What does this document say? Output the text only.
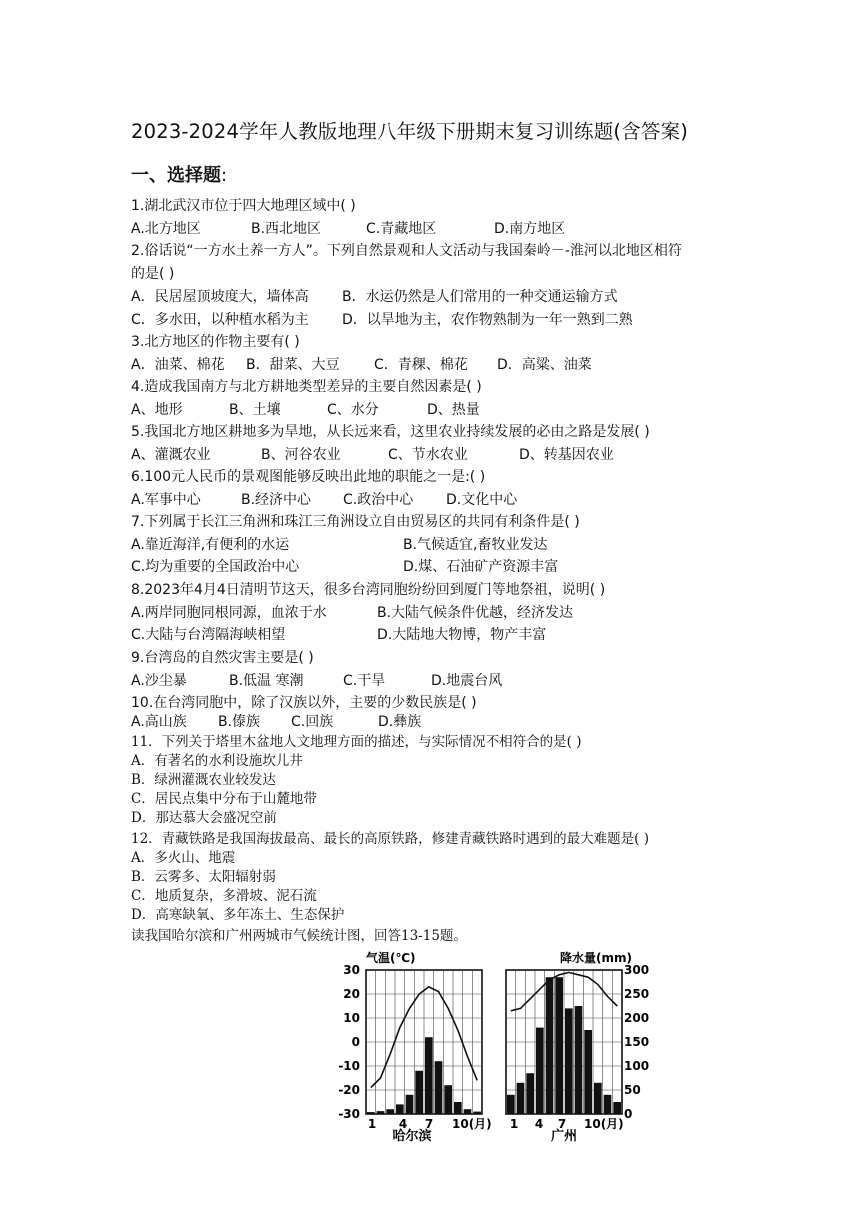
2023-2024学年人教版地理八年级下册期末复习训练题(含答案)
一、选择题:
1.湖北武汉市位于四大地理区域中( )
A.北方地区	B.西北地区	C.青藏地区	D.南方地区
2.俗话说“一方水土养一方人”。下列自然景观和人文活动与我国秦岭－-淮河以北地区相符
的是( )
A．民居屋顶坡度大，墙体高 B．水运仍然是人们常用的一种交通运输方式
C．多水田，以种植水稻为主 D．以旱地为主，农作物熟制为一年一熟到二熟
3.北方地区的作物主要有( )
A．油菜、棉花 B．甜菜、大豆 C．青稞、棉花 D．高粱、油菜
4.造成我国南方与北方耕地类型差异的主要自然因素是( )
A、地形	B、土壤	C、水分	D、热量
5.我国北方地区耕地多为旱地，从长远来看，这里农业持续发展的必由之路是发展( )
A、灌溉农业	B、河谷农业	C、节水农业	D、转基因农业
6.100元人民币的景观图能够反映出此地的职能之一是:( )
A.军事中心	B.经济中心 C.政治中心 D.文化中心
7.下列属于长江三角洲和珠江三角洲设立自由贸易区的共同有利条件是( )
A.靠近海洋,有便利的水运	B.气候适宜,畜牧业发达
C.均为重要的全国政治中心	D.煤、石油矿产资源丰富
8.2023年4月4日清明节这天，很多台湾同胞纷纷回到厦门等地祭祖，说明( )
A.两岸同胞同根同源，血浓于水	B.大陆气候条件优越，经济发达
C.大陆与台湾隔海峡相望	D.大陆地大物博，物产丰富
9.台湾岛的自然灾害主要是( )
A.沙尘暴	B.低温 寒潮	C.干旱	D.地震台风
10.在台湾同胞中，除了汉族以外，主要的少数民族是( )
A.高山族 B.傣族 C.回族	D.彝族
11．下列关于塔里木盆地人文地理方面的描述，与实际情况不相符合的是( )
A．有著名的水利设施坎儿井
B．绿洲灌溉农业较发达
C．居民点集中分布于山麓地带
D．那达慕大会盛况空前
12．青藏铁路是我国海拔最高、最长的高原铁路，修建青藏铁路时遇到的最大难题是( )
A．多火山、地震
B．云雾多、太阳辐射弱
C．地质复杂，多滑坡、泥石流
D．高寒缺氧、多年冻土、生态保护
读我国哈尔滨和广州两城市气候统计图，回答13-15题。
气温(℃)	降水量(mm)
30
20
10
0
-10
-20
-30
300
250
200
150
100
50
0
1 4 7 10(月) 1 4 7 10(月)
哈尔滨	广州
